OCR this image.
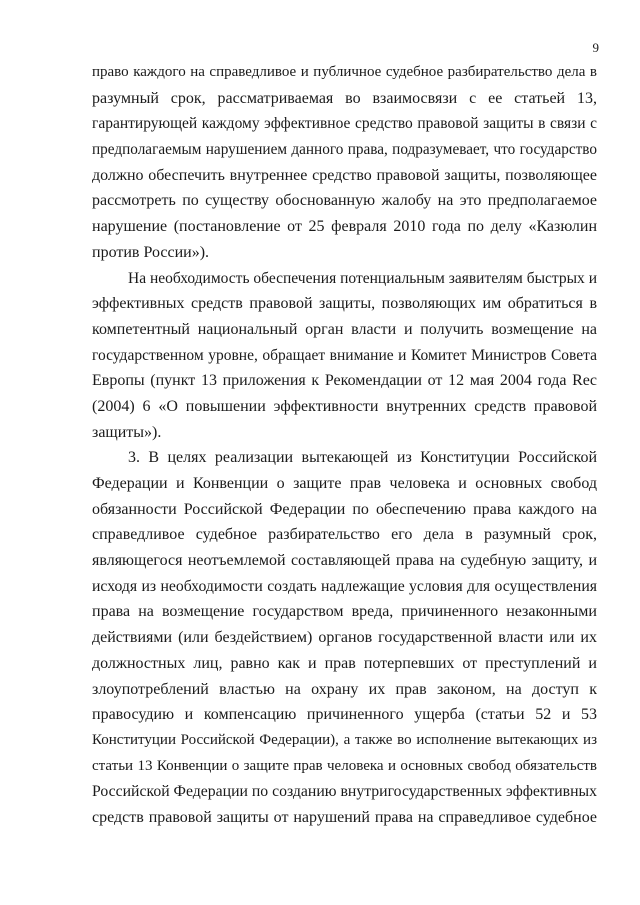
9
право каждого на справедливое и публичное судебное разбирательство дела в
разумный срок, рассматриваемая во взаимосвязи с ее статьей 13,
гарантирующей каждому эффективное средство правовой защиты в связи с
предполагаемым нарушением данного права, подразумевает, что государство
должно обеспечить внутреннее средство правовой защиты, позволяющее
рассмотреть по существу обоснованную жалобу на это предполагаемое
нарушение (постановление от 25 февраля 2010 года по делу «Казюлин
против России»).
На необходимость обеспечения потенциальным заявителям быстрых и
эффективных средств правовой защиты, позволяющих им обратиться в
компетентный национальный орган власти и получить возмещение на
государственном уровне, обращает внимание и Комитет Министров Совета
Европы (пункт 13 приложения к Рекомендации от 12 мая 2004 года Rec
(2004) 6 «О повышении эффективности внутренних средств правовой
защиты»).
3. В целях реализации вытекающей из Конституции Российской
Федерации и Конвенции о защите прав человека и основных свобод
обязанности Российской Федерации по обеспечению права каждого на
справедливое судебное разбирательство его дела в разумный срок,
являющегося неотъемлемой составляющей права на судебную защиту, и
исходя из необходимости создать надлежащие условия для осуществления
права на возмещение государством вреда, причиненного незаконными
действиями (или бездействием) органов государственной власти или их
должностных лиц, равно как и прав потерпевших от преступлений и
злоупотреблений властью на охрану их прав законом, на доступ к
правосудию и компенсацию причиненного ущерба (статьи 52 и 53
Конституции Российской Федерации), а также во исполнение вытекающих из
статьи 13 Конвенции о защите прав человека и основных свобод обязательств
Российской Федерации по созданию внутригосударственных эффективных
средств правовой защиты от нарушений права на справедливое судебное
